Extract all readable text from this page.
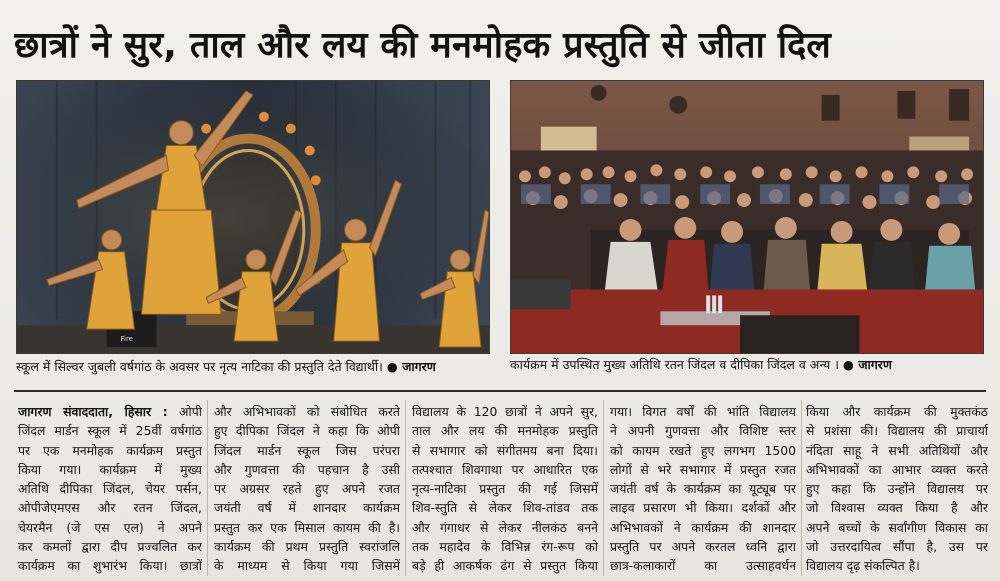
छात्रों ने सुर, ताल और लय की मनमोहक प्रस्तुति से जीता दिल
Fire
स्कूल में सिल्वर जुबली वर्षगांठ के अवसर पर नृत्य नाटिका की प्रस्तुति देते विद्यार्थी। ● जागरण	कार्यक्रम में उपस्थित मुख्य अतिथि रतन जिंदल व दीपिका जिंदल व अन्य । ● जागरण
जागरण संवाददाता, हिसार : ओपी
जिंदल मार्डन स्कूल में 25वीं वर्षगांठ
पर एक मनमोहक कार्यक्रम प्रस्तुत
किया गया। कार्यक्रम में मुख्य
अतिथि दीपिका जिंदल, चेयर पर्सन,
ओपीजेएमएस और रतन जिंदल,
चेयरमैन (जे एस एल) ने अपने
कर कमलों द्वारा दीप प्रज्वलित कर
कार्यक्रम का शुभारंभ किया। छात्रों
और अभिभावकों को संबोधित करते
हुए दीपिका जिंदल ने कहा कि ओपी
जिंदल मार्डन स्कूल जिस परंपरा
और गुणवत्ता की पहचान है उसी
पर अग्रसर रहते हुए अपने रजत
जयंती वर्ष में शानदार कार्यक्रम
प्रस्तुत कर एक मिसाल कायम की है।
कार्यक्रम की प्रथम प्रस्तुति स्वरांजलि
के माध्यम से किया गया जिसमें
विद्यालय के 120 छात्रों ने अपने सुर,
ताल और लय की मनमोहक प्रस्तुति
से सभागार को संगीतमय बना दिया।
तत्पश्चात शिवगाथा पर आधारित एक
नृत्य-नाटिका प्रस्तुत की गई जिसमें
शिव-स्तुति से लेकर शिव-तांडव तक
और गंगाधर से लेकर नीलकंठ बनने
तक महादेव के विभिन्न रंग-रूप को
बड़े ही आकर्षक ढंग से प्रस्तुत किया
गया। विगत वर्षों की भांति विद्यालय
ने अपनी गुणवत्ता और विशिष्ट स्तर
को कायम रखते हुए लगभग 1500
लोगों से भरे सभागार में प्रस्तुत रजत
जयंती वर्ष के कार्यक्रम का यूट्यूब पर
लाइव प्रसारण भी किया। दर्शकों और
अभिभावकों ने कार्यक्रम की शानदार
प्रस्तुति पर अपने करतल ध्वनि द्वारा
छात्र-कलाकारों का उत्साहवर्धन
किया और कार्यक्रम की मुक्तकंठ
से प्रशंसा की। विद्यालय की प्राचार्या
नंदिता साहू ने सभी अतिथियों और
अभिभावकों का आभार व्यक्त करते
हुए कहा कि उन्होंने विद्यालय पर
जो विश्वास व्यक्त किया है और
अपने बच्चों के सर्वांगीण विकास का
जो उत्तरदायित्व सौंपा है, उस पर
विद्यालय दृढ़ संकल्पित है।
